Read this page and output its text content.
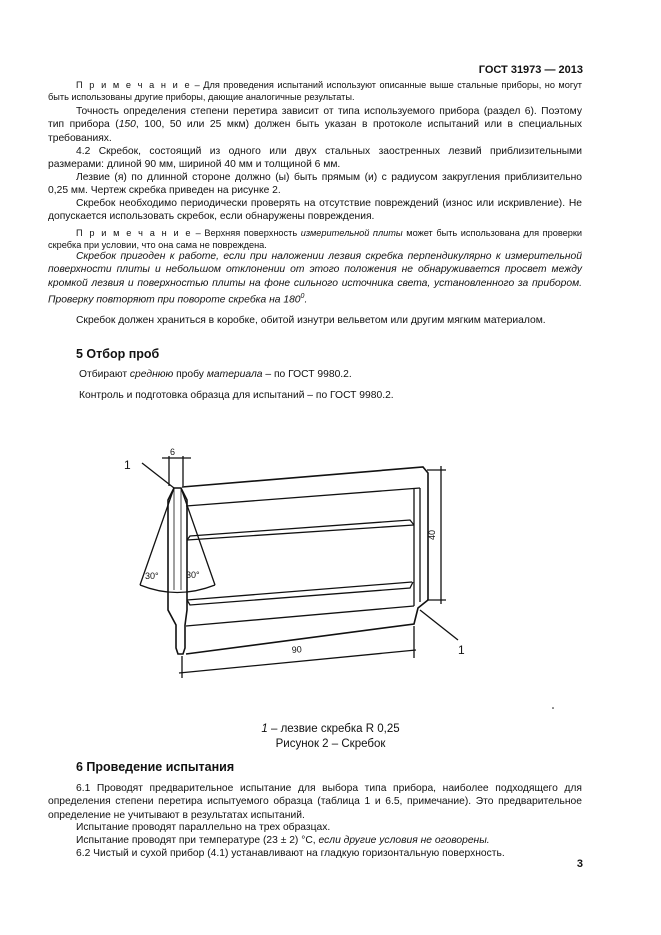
ГОСТ 31973 — 2013
П р и м е ч а н и е – Для проведения испытаний используют описанные выше стальные приборы, но могут быть использованы другие приборы, дающие аналогичные результаты.
Точность определения степени перетира зависит от типа используемого прибора (раздел 6). Поэтому тип прибора (150, 100, 50 или 25 мкм) должен быть указан в протоколе испытаний или в специальных требованиях.
4.2 Скребок, состоящий из одного или двух стальных заостренных лезвий приблизительными размерами: длиной 90 мм, шириной 40 мм и толщиной 6 мм.
Лезвие (я) по длинной стороне должно (ы) быть прямым (и) с радиусом закругления приблизительно 0,25 мм. Чертеж скребка приведен на рисунке 2.
Скребок необходимо периодически проверять на отсутствие повреждений (износ или искривление). Не допускается использовать скребок, если обнаружены повреждения.
П р и м е ч а н и е – Верхняя поверхность измерительной плиты может быть использована для проверки скребка при условии, что она сама не повреждена.
Скребок пригоден к работе, если при наложении лезвия скребка перпендикулярно к измерительной поверхности плиты и небольшом отклонении от этого положения не обнаруживается просвет между кромкой лезвия и поверхностью плиты на фоне сильного источника света, установленного за прибором. Проверку повторяют при повороте скребка на $180^0$.
Скребок должен храниться в коробке, обитой изнутри вельветом или другим мягким материалом.
5 Отбор проб
Отбирают среднюю пробу материала – по ГОСТ 9980.2.
Контроль и подготовка образца для испытаний – по ГОСТ 9980.2.
6
1
30°	30°
40
90	1
1 – лезвие скребка R 0,25
Рисунок 2 – Скребок
6 Проведение испытания
6.1 Проводят предварительное испытание для выбора типа прибора, наиболее подходящего для определения степени перетира испытуемого образца (таблица 1 и 6.5, примечание). Это предварительное определение не учитывают в результатах испытаний.
Испытание проводят параллельно на трех образцах.
Испытание проводят при температуре (23 ± 2) °С, если другие условия не оговорены.
6.2 Чистый и сухой прибор (4.1) устанавливают на гладкую горизонтальную поверхность.
3
